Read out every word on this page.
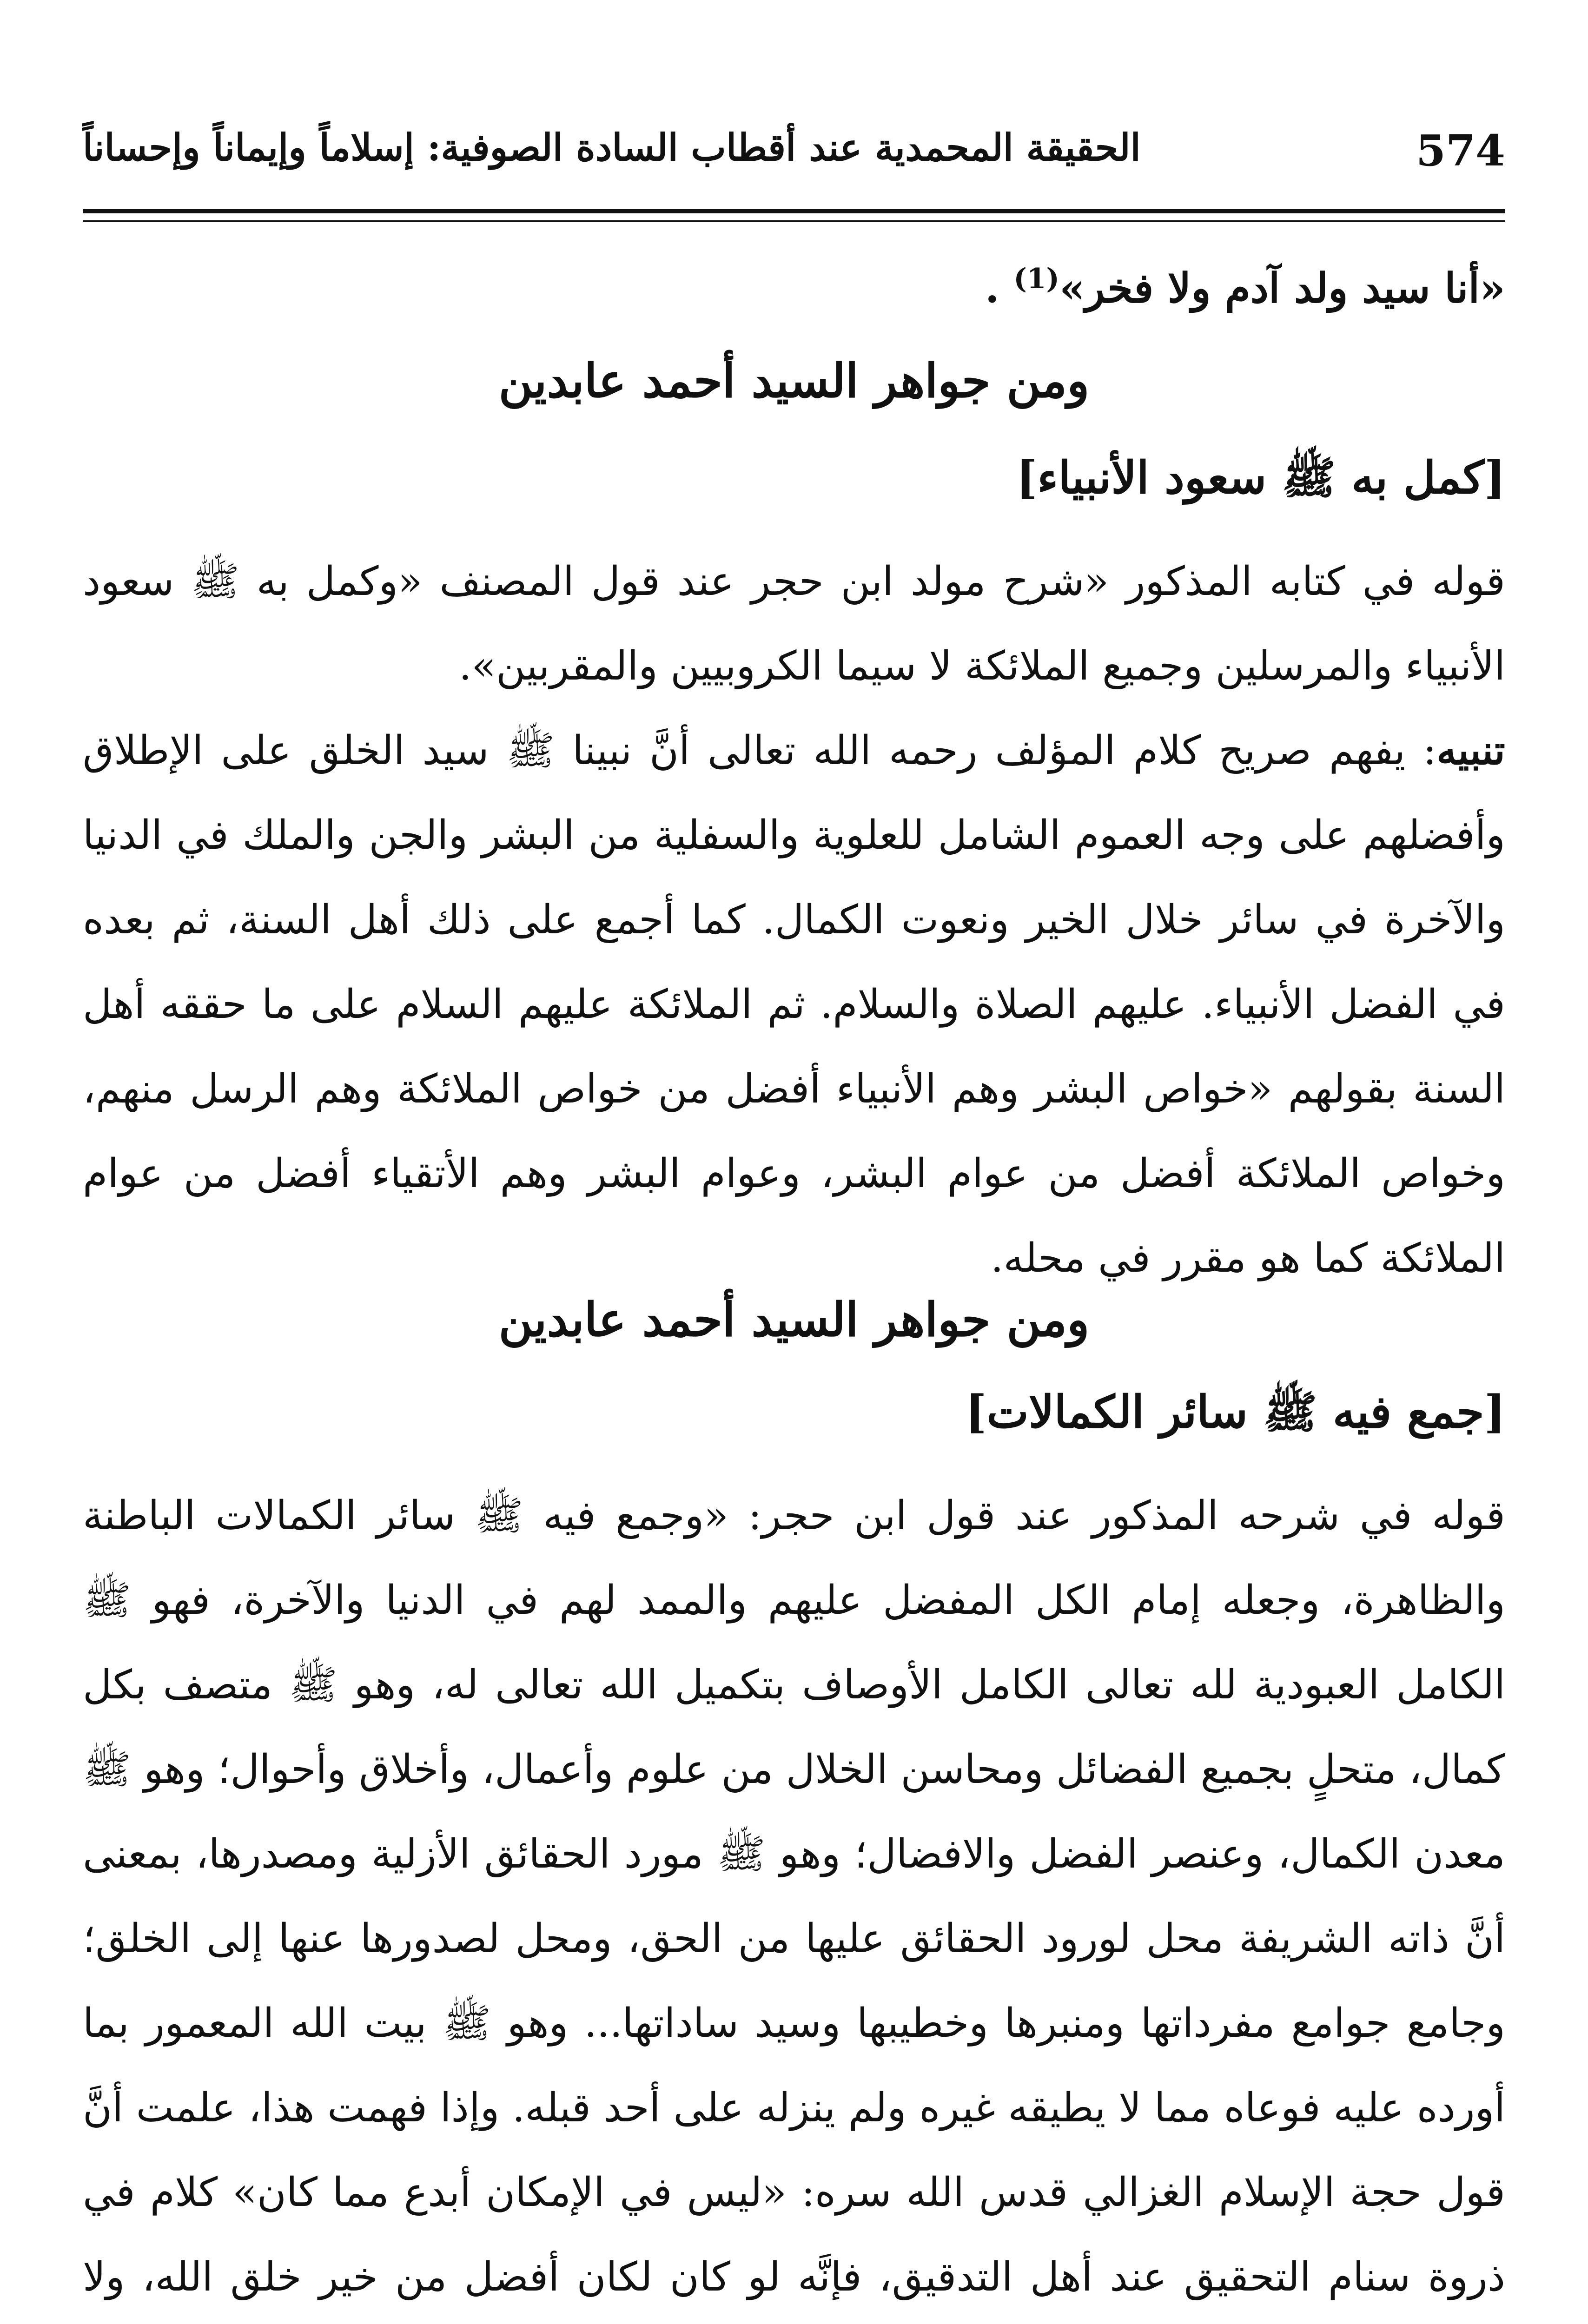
574
الحقيقة المحمدية عند أقطاب السادة الصوفية: إسلاماً وإيماناً وإحساناً
«أنا سيد ولد آدم ولا فخر»$^{(1)}$ .
ومن جواهر السيد أحمد عابدين
[كمل به ﷺ سعود الأنبياء]

قوله في كتابه المذكور «شرح مولد ابن حجر عند قول المصنف «وكمل به ﷺ سعود الأنبياء والمرسلين وجميع الملائكة لا سيما الكروبيين والمقربين».

تنبيه: يفهم صريح كلام المؤلف رحمه الله تعالى أنَّ نبينا ﷺ سيد الخلق على الإطلاق وأفضلهم على وجه العموم الشامل للعلوية والسفلية من البشر والجن والملك في الدنيا والآخرة في سائر خلال الخير ونعوت الكمال. كما أجمع على ذلك أهل السنة، ثم بعده في الفضل الأنبياء. عليهم الصلاة والسلام. ثم الملائكة عليهم السلام على ما حققه أهل السنة بقولهم «خواص البشر وهم الأنبياء أفضل من خواص الملائكة وهم الرسل منهم، وخواص الملائكة أفضل من عوام البشر، وعوام البشر وهم الأتقياء أفضل من عوام الملائكة كما هو مقرر في محله.

ومن جواهر السيد أحمد عابدين
[جمع فيه ﷺ سائر الكمالات]

قوله في شرحه المذكور عند قول ابن حجر: «وجمع فيه ﷺ سائر الكمالات الباطنة والظاهرة، وجعله إمام الكل المفضل عليهم والممد لهم في الدنيا والآخرة، فهو ﷺ الكامل العبودية لله تعالى الكامل الأوصاف بتكميل الله تعالى له، وهو ﷺ متصف بكل كمال، متحلٍ بجميع الفضائل ومحاسن الخلال من علوم وأعمال، وأخلاق وأحوال؛ وهو ﷺ معدن الكمال، وعنصر الفضل والافضال؛ وهو ﷺ مورد الحقائق الأزلية ومصدرها، بمعنى أنَّ ذاته الشريفة محل لورود الحقائق عليها من الحق، ومحل لصدورها عنها إلى الخلق؛ وجامع جوامع مفرداتها ومنبرها وخطيبها وسيد ساداتها... وهو ﷺ بيت الله المعمور بما أورده عليه فوعاه مما لا يطيقه غيره ولم ينزله على أحد قبله. وإذا فهمت هذا، علمت أنَّ قول حجة الإسلام الغزالي قدس الله سره: «ليس في الإمكان أبدع مما كان» كلام في ذروة سنام التحقيق عند أهل التدقيق، فإنَّه لو كان لكان أفضل من خير خلق الله، ولا
